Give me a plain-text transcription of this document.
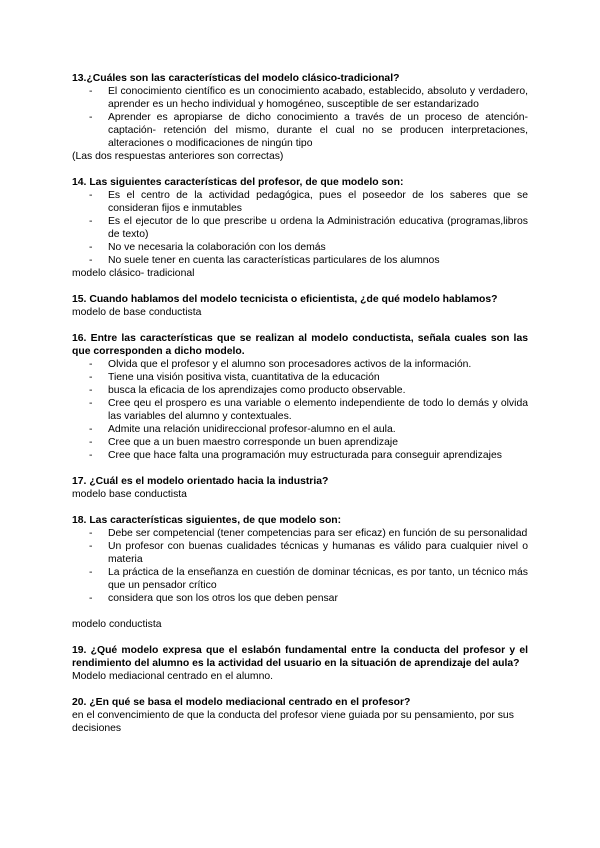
13.¿Cuáles son las características del modelo clásico-tradicional?

- El conocimiento científico es un conocimiento acabado, establecido, absoluto y verdadero, aprender es un hecho individual y homogéneo, susceptible de ser estandarizado
- Aprender es apropiarse de dicho conocimiento a través de un proceso de atención-captación- retención del mismo, durante el cual no se producen interpretaciones, alteraciones o modificaciones de ningún tipo

(Las dos respuestas anteriores son correctas)

14. Las siguientes características del profesor, de que modelo son:

- Es el centro de la actividad pedagógica, pues el poseedor de los saberes que se consideran fijos e inmutables
- Es el ejecutor de lo que prescribe u ordena la Administración educativa (programas,libros de texto)
- No ve necesaria la colaboración con los demás
- No suele tener en cuenta las características particulares de los alumnos

modelo clásico- tradicional

15. Cuando hablamos del modelo tecnicista o eficientista, ¿de qué modelo hablamos?

modelo de base conductista

16. Entre las características que se realizan al modelo conductista, señala cuales son las que corresponden a dicho modelo.

- Olvida que el profesor y el alumno son procesadores activos de la información.
- Tiene una visión positiva vista, cuantitativa de la educación
- busca la eficacia de los aprendizajes como producto observable.
- Cree qeu el prospero es una variable o elemento independiente de todo lo demás y olvida las variables del alumno y contextuales.
- Admite una relación unidireccional profesor-alumno en el aula.
- Cree que a un buen maestro corresponde un buen aprendizaje
- Cree que hace falta una programación muy estructurada para conseguir aprendizajes

17. ¿Cuál es el modelo orientado hacia la industria?

modelo base conductista

18. Las características siguientes, de que modelo son:

- Debe ser competencial (tener competencias para ser eficaz) en función de su personalidad
- Un profesor con buenas cualidades técnicas y humanas es válido para cualquier nivel o materia
- La práctica de la enseñanza en cuestión de dominar técnicas, es por tanto, un técnico más que un pensador crítico
- considera que son los otros los que deben pensar

modelo conductista

19. ¿Qué modelo expresa que el eslabón fundamental entre la conducta del profesor y el rendimiento del alumno es la actividad del usuario en la situación de aprendizaje del aula?

Modelo mediacional centrado en el alumno.

20. ¿En qué se basa el modelo mediacional centrado en el profesor?

en el convencimiento de que la conducta del profesor viene guiada por su pensamiento, por sus decisiones
